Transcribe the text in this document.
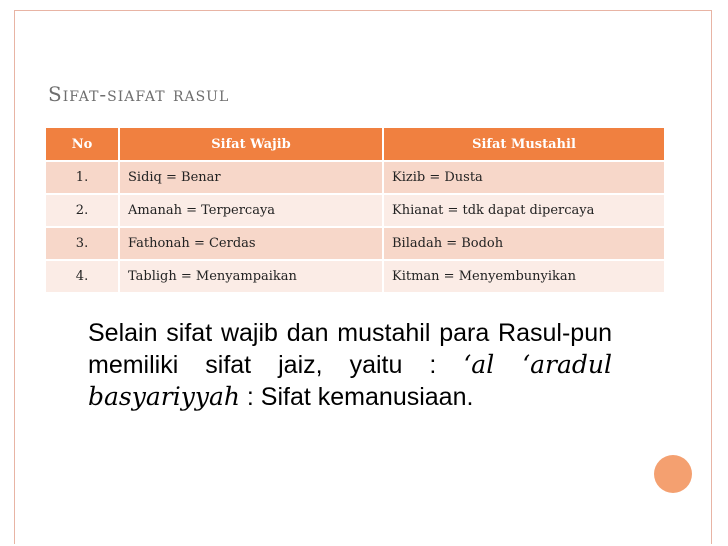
Sifat-siafat rasul
No	Sifat Wajib	Sifat Mustahil
1.	Sidiq = Benar	Kizib = Dusta
2.	Amanah = Terpercaya	Khianat = tdk dapat dipercaya
3.	Fathonah = Cerdas	Biladah = Bodoh
4.	Tabligh = Menyampaikan	Kitman = Menyembunyikan

Selain sifat wajib dan mustahil para Rasul-pun memiliki sifat jaiz, yaitu : ‘al ‘aradul basyariyyah : Sifat kemanusiaan.
